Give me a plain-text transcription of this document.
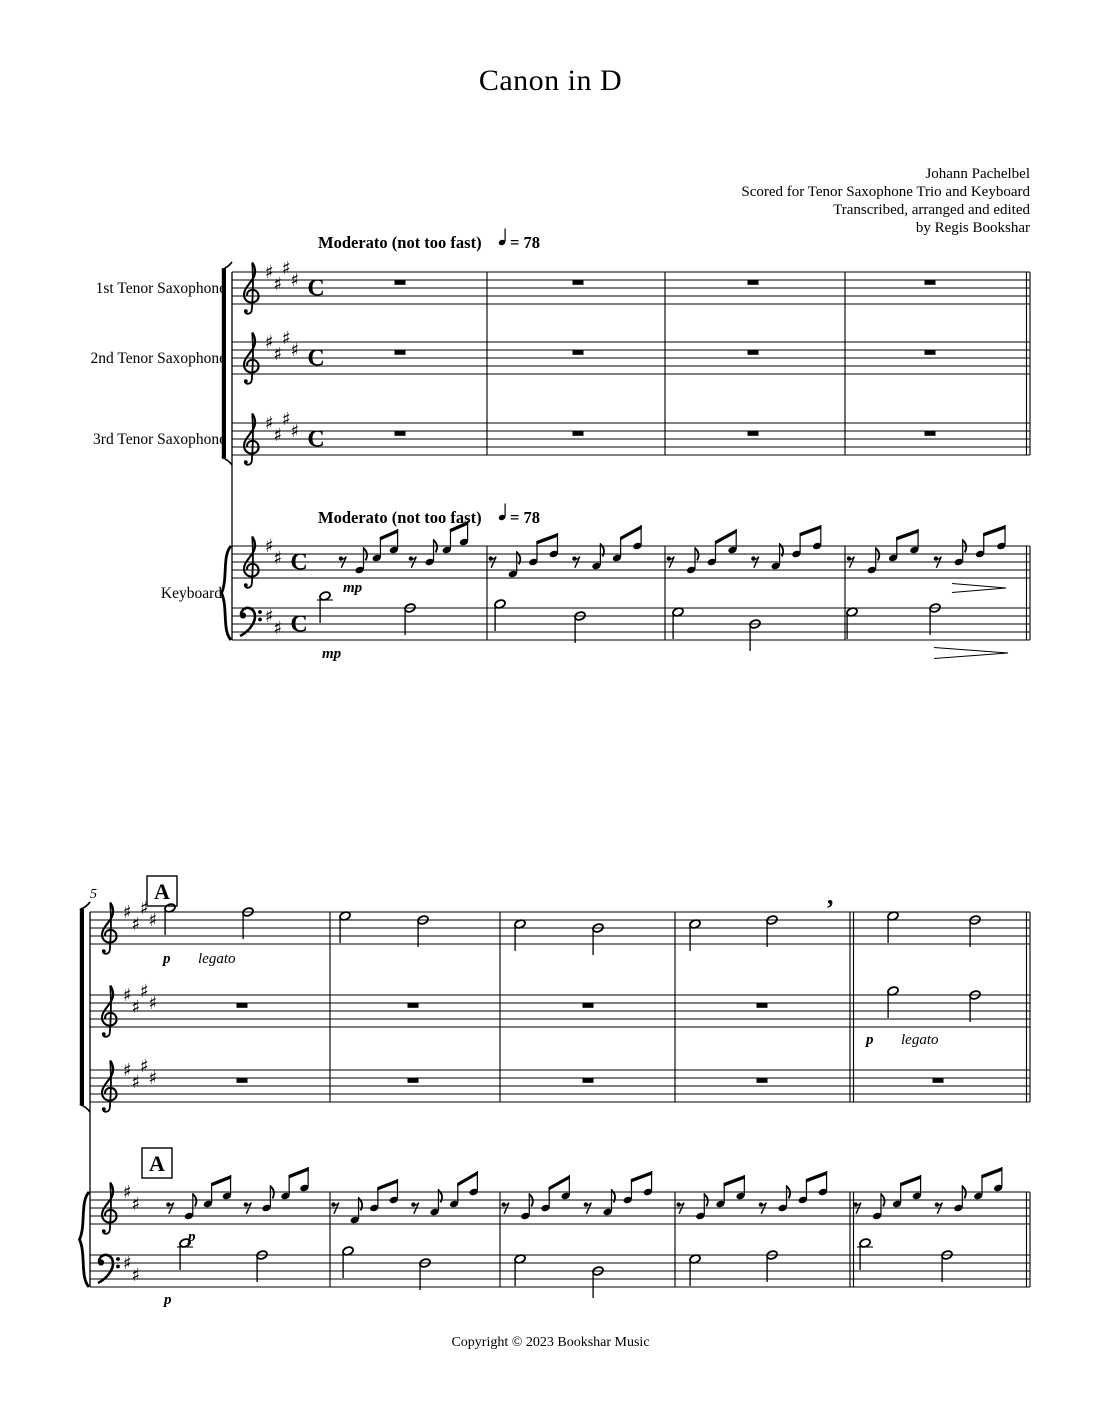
Canon in D
Johann Pachelbel
Scored for Tenor Saxophone Trio and Keyboard
Transcribed, arranged and edited
by Regis Bookshar
♯
♯
♯
♯ C
♯
♯
♯
♯ C
♯
♯
♯
♯ C
♯
♯ C
♯
♯ C
1st Tenor Saxophone
2nd Tenor Saxophone
3rd Tenor Saxophone
Keyboard
Moderato (not too fast) = 78
Moderato (not too fast) = 78
mp
mp
♯
♯
♯
♯
♯
♯
♯
♯
♯
♯
♯
♯
♯
♯
♯
♯
p legato
p legato
p
p
A
A
5	,
Copyright © 2023 Bookshar Music
